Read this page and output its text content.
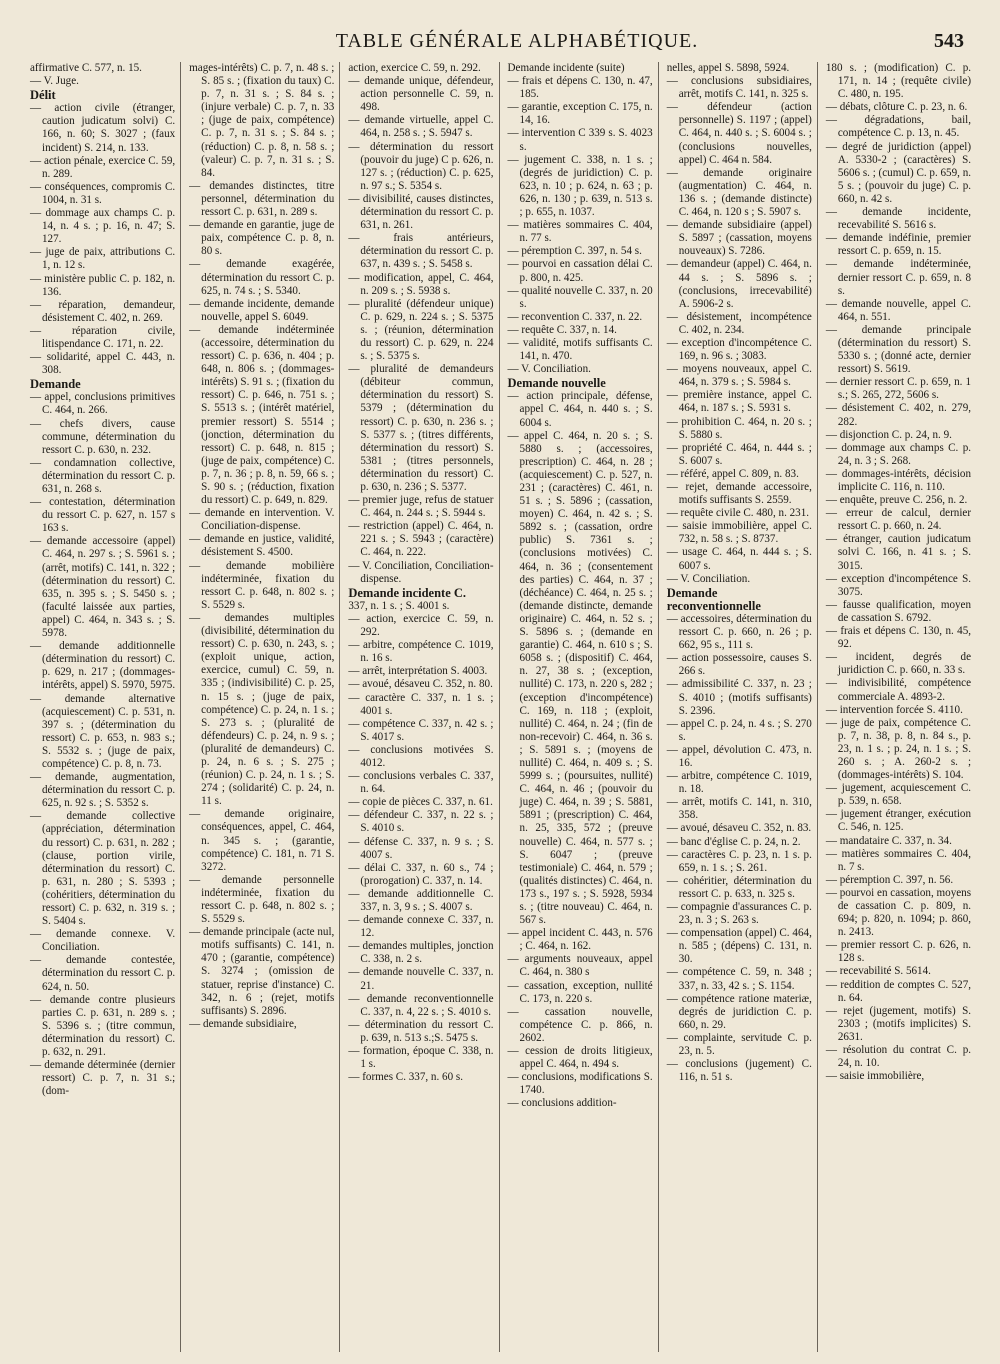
TABLE GÉNÉRALE ALPHABÉTIQUE.	543

affirmative C. 577, n. 15.

— V. Juge.

Délit

— action civile (étranger, caution judicatum solvi) C. 166, n. 60; S. 3027 ; (faux incident) S. 214, n. 133.

— action pénale, exercice C. 59, n. 289.

— conséquences, compromis C. 1004, n. 31 s.

— dommage aux champs C. p. 14, n. 4 s. ; p. 16, n. 47; S. 127.

— juge de paix, attributions C. 1, n. 12 s.

— ministère public C. p. 182, n. 136.

— réparation, demandeur, désistement C. 402, n. 269.

— réparation civile, litispendance C. 171, n. 22.

— solidarité, appel C. 443, n. 308.

Demande

— appel, conclusions primitives C. 464, n. 266.

— chefs divers, cause commune, détermination du ressort C. p. 630, n. 232.

— condamnation collective, détermination du ressort C. p. 631, n. 268 s.

— contestation, détermination du ressort C. p. 627, n. 157 s 163 s.

— demande accessoire (appel) C. 464, n. 297 s. ; S. 5961 s. ; (arrêt, motifs) C. 141, n. 322 ; (détermination du ressort) C. 635, n. 395 s. ; S. 5450 s. ; (faculté laissée aux parties, appel) C. 464, n. 343 s. ; S. 5978.

— demande additionnelle (détermination du ressort) C. p. 629, n. 217 ; (dommages-intérêts, appel) S. 5970, 5975.

— demande alternative (acquiescement) C. p. 531, n. 397 s. ; (détermination du ressort) C. p. 653, n. 983 s.; S. 5532 s. ; (juge de paix, compétence) C. p. 8, n. 73.

— demande, augmentation, détermination du ressort C. p. 625, n. 92 s. ; S. 5352 s.

— demande collective (appréciation, détermination du ressort) C. p. 631, n. 282 ; (clause, portion virile, détermination du ressort) C. p. 631, n. 280 ; S. 5393 ; (cohéritiers, détermination du ressort) C. p. 632, n. 319 s. ; S. 5404 s.

— demande connexe. V. Conciliation.

— demande contestée, détermination du ressort C. p. 624, n. 50.

— demande contre plusieurs parties C. p. 631, n. 289 s. ; S. 5396 s. ; (titre commun, détermination du ressort) C. p. 632, n. 291.

— demande déterminée (dernier ressort) C. p. 7, n. 31 s.; (dom-

mages-intérêts) C. p. 7, n. 48 s. ; S. 85 s. ; (fixation du taux) C. p. 7, n. 31 s. ; S. 84 s. ; (injure verbale) C. p. 7, n. 33 ; (juge de paix, compétence) C. p. 7, n. 31 s. ; S. 84 s. ; (réduction) C. p. 8, n. 58 s. ; (valeur) C. p. 7, n. 31 s. ; S. 84.

— demandes distinctes, titre personnel, détermination du ressort C. p. 631, n. 289 s.

— demande en garantie, juge de paix, compétence C. p. 8, n. 80 s.

— demande exagérée, détermination du ressort C. p. 625, n. 74 s. ; S. 5340.

— demande incidente, demande nouvelle, appel S. 6049.

— demande indéterminée (accessoire, détermination du ressort) C. p. 636, n. 404 ; p. 648, n. 806 s. ; (dommages-intérêts) S. 91 s. ; (fixation du ressort) C. p. 646, n. 751 s. ; S. 5513 s. ; (intérêt matériel, premier ressort) S. 5514 ; (jonction, détermination du ressort) C. p. 648, n. 815 ; (juge de paix, compétence) C. p. 7, n. 36 ; p. 8, n. 59, 66 s. ; S. 90 s. ; (réduction, fixation du ressort) C. p. 649, n. 829.

— demande en intervention. V. Conciliation-dispense.

— demande en justice, validité, désistement S. 4500.

— demande mobilière indéterminée, fixation du ressort C. p. 648, n. 802 s. ; S. 5529 s.

— demandes multiples (divisibilité, détermination du ressort) C. p. 630, n. 243, s. ; (exploit unique, action, exercice, cumul) C. 59, n. 335 ; (indivisibilité) C. p. 25, n. 15 s. ; (juge de paix, compétence) C. p. 24, n. 1 s. ; S. 273 s. ; (pluralité de défendeurs) C. p. 24, n. 9 s. ; (pluralité de demandeurs) C. p. 24, n. 6 s. ; S. 275 ; (réunion) C. p. 24, n. 1 s. ; S. 274 ; (solidarité) C. p. 24, n. 11 s.

— demande originaire, conséquences, appel, C. 464, n. 345 s. ; (garantie, compétence) C. 181, n. 71 S. 3272.

— demande personnelle indéterminée, fixation du ressort C. p. 648, n. 802 s. ; S. 5529 s.

— demande principale (acte nul, motifs suffisants) C. 141, n. 470 ; (garantie, compétence) S. 3274 ; (omission de statuer, reprise d'instance) C. 342, n. 6 ; (rejet, motifs suffisants) S. 2896.

— demande subsidiaire,

action, exercice C. 59, n. 292.

— demande unique, défendeur, action personnelle C. 59, n. 498.

— demande virtuelle, appel C. 464, n. 258 s. ; S. 5947 s.

— détermination du ressort (pouvoir du juge) C p. 626, n. 127 s. ; (réduction) C. p. 625, n. 97 s.; S. 5354 s.

— divisibilité, causes distinctes, détermination du ressort C. p. 631, n. 261.

— frais antérieurs, détermination du ressort C. p. 637, n. 439 s. ; S. 5458 s.

— modification, appel, C. 464, n. 209 s. ; S. 5938 s.

— pluralité (défendeur unique) C. p. 629, n. 224 s. ; S. 5375 s. ; (réunion, détermination du ressort) C. p. 629, n. 224 s. ; S. 5375 s.

— pluralité de demandeurs (débiteur commun, détermination du ressort) S. 5379 ; (détermination du ressort) C. p. 630, n. 236 s. ; S. 5377 s. ; (titres différents, détermination du ressort) S. 5381 ; (titres personnels, détermination du ressort) C. p. 630, n. 236 ; S. 5377.

— premier juge, refus de statuer C. 464, n. 244 s. ; S. 5944 s.

— restriction (appel) C. 464, n. 221 s. ; S. 5943 ; (caractère) C. 464, n. 222.

— V. Conciliation, Conciliation-dispense.

Demande incidente C.

337, n. 1 s. ; S. 4001 s.

— action, exercice C. 59, n. 292.

— arbitre, compétence C. 1019, n. 16 s.

— arrêt, interprétation S. 4003.

— avoué, désaveu C. 352, n. 80.

— caractère C. 337, n. 1 s. ; 4001 s.

— compétence C. 337, n. 42 s. ; S. 4017 s.

— conclusions motivées S. 4012.

— conclusions verbales C. 337, n. 64.

— copie de pièces C. 337, n. 61.

— défendeur C. 337, n. 22 s. ; S. 4010 s.

— défense C. 337, n. 9 s. ; S. 4007 s.

— délai C. 337, n. 60 s., 74 ; (prorogation) C. 337, n. 14.

— demande additionnelle C. 337, n. 3, 9 s. ; S. 4007 s.

— demande connexe C. 337, n. 12.

— demandes multiples, jonction C. 338, n. 2 s.

— demande nouvelle C. 337, n. 21.

— demande reconventionnelle C. 337, n. 4, 22 s. ; S. 4010 s.

— détermination du ressort C. p. 639, n. 513 s.;S. 5475 s.

— formation, époque C. 338, n. 1 s.

— formes C. 337, n. 60 s.

Demande incidente (suite)

— frais et dépens C. 130, n. 47, 185.

— garantie, exception C. 175, n. 14, 16.

— intervention C 339 s. S. 4023 s.

— jugement C. 338, n. 1 s. ; (degrés de juridiction) C. p. 623, n. 10 ; p. 624, n. 63 ; p. 626, n. 130 ; p. 639, n. 513 s. ; p. 655, n. 1037.

— matières sommaires C. 404, n. 77 s.

— péremption C. 397, n. 54 s.

— pourvoi en cassation délai C. p. 800, n. 425.

— qualité nouvelle C. 337, n. 20 s.

— reconvention C. 337, n. 22.

— requête C. 337, n. 14.

— validité, motifs suffisants C. 141, n. 470.

— V. Conciliation.

Demande nouvelle

— action principale, défense, appel C. 464, n. 440 s. ; S. 6004 s.

— appel C. 464, n. 20 s. ; S. 5880 s. ; (accessoires, prescription) C. 464, n. 28 ; (acquiescement) C. p. 527, n. 231 ; (caractères) C. 461, n. 51 s. ; S. 5896 ; (cassation, moyen) C. 464, n. 42 s. ; S. 5892 s. ; (cassation, ordre public) S. 7361 s. ; (conclusions motivées) C. 464, n. 36 ; (consentement des parties) C. 464, n. 37 ; (déchéance) C. 464, n. 25 s. ; (demande distincte, demande originaire) C. 464, n. 52 s. ; S. 5896 s. ; (demande en garantie) C. 464, n. 610 s ; S. 6058 s. ; (dispositif) C. 464, n. 27, 38 s. ; (exception, nullité) C. 173, n. 220 s, 282 ; (exception d'incompétence) C. 169, n. 118 ; (exploit, nullité) C. 464, n. 24 ; (fin de non-recevoir) C. 464, n. 36 s. ; S. 5891 s. ; (moyens de nullité) C. 464, n. 409 s. ; S. 5999 s. ; (poursuites, nullité) C. 464, n. 46 ; (pouvoir du juge) C. 464, n. 39 ; S. 5881, 5891 ; (prescription) C. 464, n. 25, 335, 572 ; (preuve nouvelle) C. 464, n. 577 s. ; S. 6047 ; (preuve testimoniale) C. 464, n. 579 ; (qualités distinctes) C. 464, n. 173 s., 197 s. ; S. 5928, 5934 s. ; (titre nouveau) C. 464, n. 567 s.

— appel incident C. 443, n. 576 ; C. 464, n. 162.

— arguments nouveaux, appel C. 464, n. 380 s

— cassation, exception, nullité C. 173, n. 220 s.

— cassation nouvelle, compétence C. p. 866, n. 2602.

— cession de droits litigieux, appel C. 464, n. 494 s.

— conclusions, modifications S. 1740.

— conclusions addition-

nelles, appel S. 5898, 5924.

— conclusions subsidiaires, arrêt, motifs C. 141, n. 325 s.

— défendeur (action personnelle) S. 1197 ; (appel) C. 464, n. 440 s. ; S. 6004 s. ; (conclusions nouvelles, appel) C. 464 n. 584.

— demande originaire (augmentation) C. 464, n. 136 s. ; (demande distincte) C. 464, n. 120 s ; S. 5907 s.

— demande subsidiaire (appel) S. 5897 ; (cassation, moyens nouveaux) S. 7286.

— demandeur (appel) C. 464, n. 44 s. ; S. 5896 s. ; (conclusions, irrecevabilité) A. 5906-2 s.

— désistement, incompétence C. 402, n. 234.

— exception d'incompétence C. 169, n. 96 s. ; 3083.

— moyens nouveaux, appel C. 464, n. 379 s. ; S. 5984 s.

— première instance, appel C. 464, n. 187 s. ; S. 5931 s.

— prohibition C. 464, n. 20 s. ; S. 5880 s.

— propriété C. 464, n. 444 s. ; S. 6007 s.

— référé, appel C. 809, n. 83.

— rejet, demande accessoire, motifs suffisants S. 2559.

— requête civile C. 480, n. 231.

— saisie immobilière, appel C. 732, n. 58 s. ; S. 8737.

— usage C. 464, n. 444 s. ; S. 6007 s.

— V. Conciliation.

Demande reconventionnelle

— accessoires, détermination du ressort C. p. 660, n. 26 ; p. 662, 95 s., 111 s.

— action possessoire, causes S. 266 s.

— admissibilité C. 337, n. 23 ; S. 4010 ; (motifs suffisants) S. 2396.

— appel C. p. 24, n. 4 s. ; S. 270 s.

— appel, dévolution C. 473, n. 16.

— arbitre, compétence C. 1019, n. 18.

— arrêt, motifs C. 141, n. 310, 358.

— avoué, désaveu C. 352, n. 83.

— banc d'église C. p. 24, n. 2.

— caractères C. p. 23, n. 1 s. p. 659, n. 1 s. ; S. 261.

— cohéritier, détermination du ressort C. p. 633, n. 325 s.

— compagnie d'assurances C. p. 23, n. 3 ; S. 263 s.

— compensation (appel) C. 464, n. 585 ; (dépens) C. 131, n. 30.

— compétence C. 59, n. 348 ; 337, n. 33, 42 s. ; S. 1154.

— compétence ratione materiæ, degrés de juridiction C. p. 660, n. 29.

— complainte, servitude C. p. 23, n. 5.

— conclusions (jugement) C. 116, n. 51 s.

180 s. ; (modification) C. p. 171, n. 14 ; (requête civile) C. 480, n. 195.

— débats, clôture C. p. 23, n. 6.

— dégradations, bail, compétence C. p. 13, n. 45.

— degré de juridiction (appel) A. 5330-2 ; (caractères) S. 5606 s. ; (cumul) C. p. 659, n. 5 s. ; (pouvoir du juge) C. p. 660, n. 42 s.

— demande incidente, recevabilité S. 5616 s.

— demande indéfinie, premier ressort C. p. 659, n. 15.

— demande indéterminée, dernier ressort C. p. 659, n. 8 s.

— demande nouvelle, appel C. 464, n. 551.

— demande principale (détermination du ressort) S. 5330 s. ; (donné acte, dernier ressort) S. 5619.

— dernier ressort C. p. 659, n. 1 s.; S. 265, 272, 5606 s.

— désistement C. 402, n. 279, 282.

— disjonction C. p. 24, n. 9.

— dommage aux champs C. p. 24, n. 3 ; S. 268.

— dommages-intérêts, décision implicite C. 116, n. 110.

— enquête, preuve C. 256, n. 2.

— erreur de calcul, dernier ressort C. p. 660, n. 24.

— étranger, caution judicatum solvi C. 166, n. 41 s. ; S. 3015.

— exception d'incompétence S. 3075.

— fausse qualification, moyen de cassation S. 6792.

— frais et dépens C. 130, n. 45, 92.

— incident, degrés de juridiction C. p. 660, n. 33 s.

— indivisibilité, compétence commerciale A. 4893-2.

— intervention forcée S. 4110.

— juge de paix, compétence C. p. 7, n. 38, p. 8, n. 84 s., p. 23, n. 1 s. ; p. 24, n. 1 s. ; S. 260 s. ; A. 260-2 s. ; (dommages-intérêts) S. 104.

— jugement, acquiescement C. p. 539, n. 658.

— jugement étranger, exécution C. 546, n. 125.

— mandataire C. 337, n. 34.

— matières sommaires C. 404, n. 7 s.

— péremption C. 397, n. 56.

— pourvoi en cassation, moyens de cassation C. p. 809, n. 694; p. 820, n. 1094; p. 860, n. 2413.

— premier ressort C. p. 626, n. 128 s.

— recevabilité S. 5614.

— reddition de comptes C. 527, n. 64.

— rejet (jugement, motifs) S. 2303 ; (motifs implicites) S. 2631.

— résolution du contrat C. p. 24, n. 10.

— saisie immobilière,
